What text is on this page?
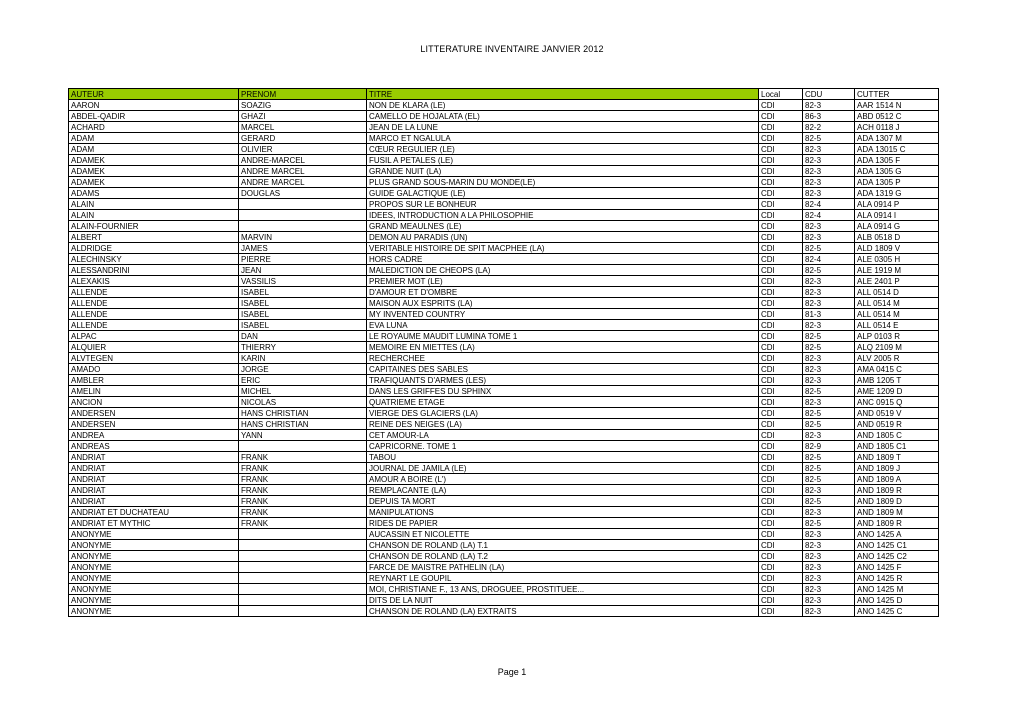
LITTERATURE INVENTAIRE JANVIER 2012
AUTEUR	PRENOM	TITRE	Local	CDU	CUTTER
AARON	SOAZIG	NON DE KLARA (LE)	CDI	82-3	AAR 1514 N
ABDEL-QADIR	GHAZI	CAMELLO DE HOJALATA (EL)	CDI	86-3	ABD 0512 C
ACHARD	MARCEL	JEAN DE LA LUNE	CDI	82-2	ACH 0118 J
ADAM	GERARD	MARCO ET NGALULA	CDI	82-5	ADA 1307 M
ADAM	OLIVIER	CŒUR REGULIER (LE)	CDI	82-3	ADA 13015 C
ADAMEK	ANDRE-MARCEL	FUSIL A PETALES (LE)	CDI	82-3	ADA 1305 F
ADAMEK	ANDRE MARCEL	GRANDE NUIT (LA)	CDI	82-3	ADA 1305 G
ADAMEK	ANDRE MARCEL	PLUS GRAND SOUS-MARIN DU MONDE(LE)	CDI	82-3	ADA 1305 P
ADAMS	DOUGLAS	GUIDE GALACTIQUE (LE)	CDI	82-3	ADA 1319 G
ALAIN		PROPOS SUR LE BONHEUR	CDI	82-4	ALA 0914 P
ALAIN		IDEES, INTRODUCTION A LA PHILOSOPHIE	CDI	82-4	ALA 0914 I
ALAIN-FOURNIER		GRAND MEAULNES (LE)	CDI	82-3	ALA 0914 G
ALBERT	MARVIN	DEMON AU PARADIS (UN)	CDI	82-3	ALB 0518 D
ALDRIDGE	JAMES	VERITABLE HISTOIRE DE SPIT MACPHEE (LA)	CDI	82-5	ALD 1809 V
ALECHINSKY	PIERRE	HORS CADRE	CDI	82-4	ALE 0305 H
ALESSANDRINI	JEAN	MALEDICTION DE CHEOPS (LA)	CDI	82-5	ALE 1919 M
ALEXAKIS	VASSILIS	PREMIER MOT (LE)	CDI	82-3	ALE 2401 P
ALLENDE	ISABEL	D'AMOUR ET D'OMBRE	CDI	82-3	ALL 0514 D
ALLENDE	ISABEL	MAISON AUX ESPRITS (LA)	CDI	82-3	ALL 0514 M
ALLENDE	ISABEL	MY INVENTED COUNTRY	CDI	81-3	ALL 0514 M
ALLENDE	ISABEL	EVA LUNA	CDI	82-3	ALL 0514 E
ALPAC	DAN	LE ROYAUME MAUDIT LUMINA TOME 1	CDI	82-5	ALP 0103 R
ALQUIER	THIERRY	MEMOIRE EN MIETTES (LA)	CDI	82-5	ALQ 2109 M
ALVTEGEN	KARIN	RECHERCHEE	CDI	82-3	ALV 2005 R
AMADO	JORGE	CAPITAINES DES SABLES	CDI	82-3	AMA 0415 C
AMBLER	ERIC	TRAFIQUANTS D'ARMES (LES)	CDI	82-3	AMB 1205 T
AMELIN	MICHEL	DANS LES GRIFFES DU SPHINX	CDI	82-5	AME 1209 D
ANCION	NICOLAS	QUATRIEME ETAGE	CDI	82-3	ANC 0915 Q
ANDERSEN	HANS CHRISTIAN	VIERGE DES GLACIERS (LA)	CDI	82-5	AND 0519 V
ANDERSEN	HANS CHRISTIAN	REINE DES NEIGES (LA)	CDI	82-5	AND 0519 R
ANDREA	YANN	CET AMOUR-LA	CDI	82-3	AND 1805 C
ANDREAS		CAPRICORNE. TOME 1	CDI	82-9	AND 1805 C1
ANDRIAT	FRANK	TABOU	CDI	82-5	AND 1809 T
ANDRIAT	FRANK	JOURNAL DE JAMILA (LE)	CDI	82-5	AND 1809 J
ANDRIAT	FRANK	AMOUR A BOIRE (L')	CDI	82-5	AND 1809 A
ANDRIAT	FRANK	REMPLACANTE (LA)	CDI	82-3	AND 1809 R
ANDRIAT	FRANK	DEPUIS TA MORT	CDI	82-5	AND 1809 D
ANDRIAT ET DUCHATEAU	FRANK	MANIPULATIONS	CDI	82-3	AND 1809 M
ANDRIAT ET MYTHIC	FRANK	RIDES DE PAPIER	CDI	82-5	AND 1809 R
ANONYME		AUCASSIN ET NICOLETTE	CDI	82-3	ANO 1425 A
ANONYME		CHANSON DE ROLAND (LA) T.1	CDI	82-3	ANO 1425 C1
ANONYME		CHANSON DE ROLAND (LA) T.2	CDI	82-3	ANO 1425 C2
ANONYME		FARCE DE MAISTRE PATHELIN (LA)	CDI	82-3	ANO 1425 F
ANONYME		REYNART LE GOUPIL	CDI	82-3	ANO 1425 R
ANONYME		MOI, CHRISTIANE F., 13 ANS, DROGUEE, PROSTITUEE...	CDI	82-3	ANO 1425 M
ANONYME		DITS DE LA NUIT	CDI	82-3	ANO 1425 D
ANONYME		CHANSON DE ROLAND (LA) EXTRAITS	CDI	82-3	ANO 1425 C
Page 1
